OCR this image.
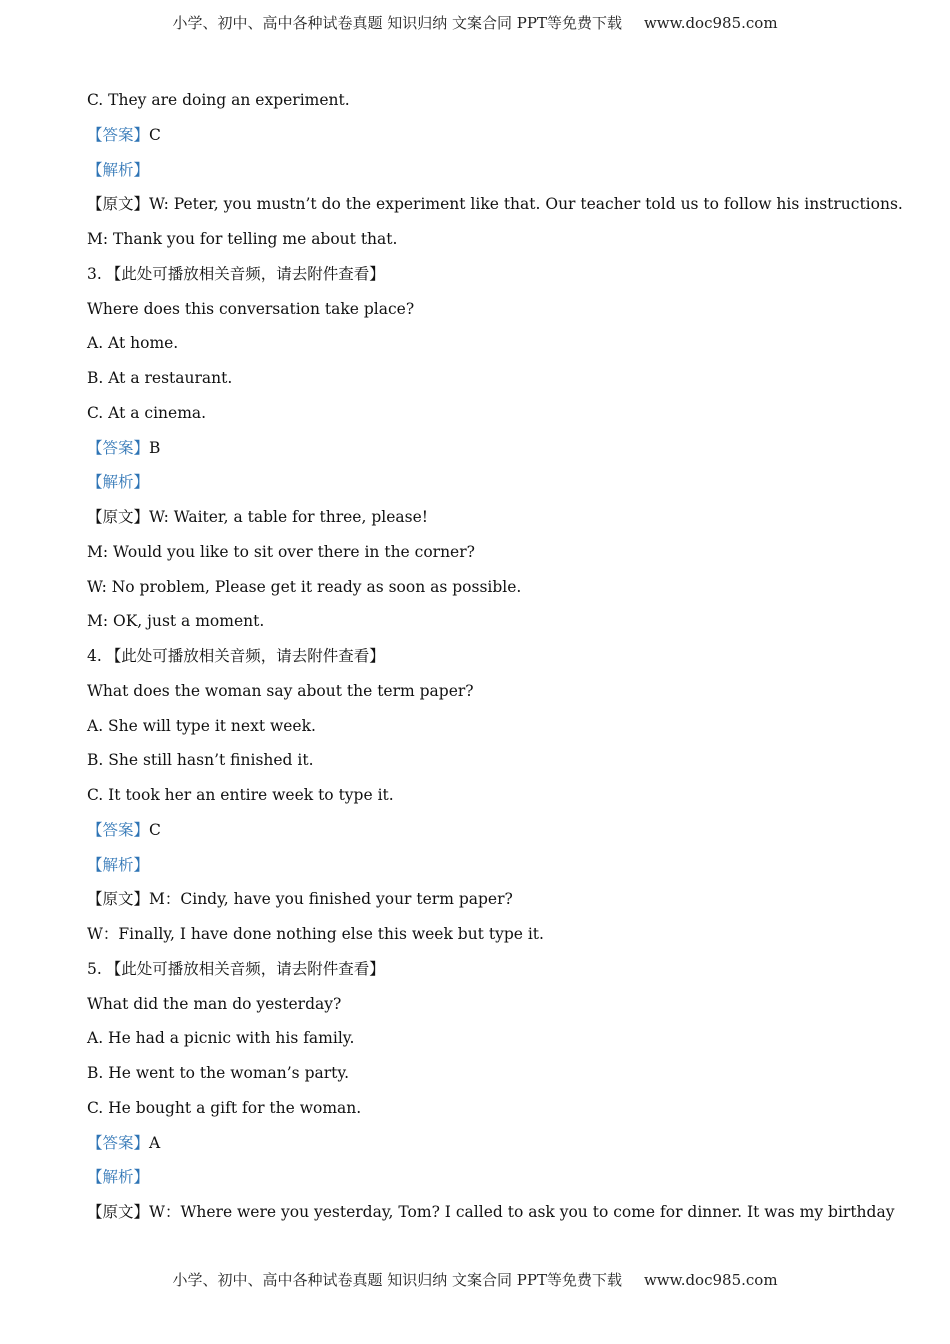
小学、初中、高中各种试卷真题 知识归纳 文案合同 PPT等免费下载 www.doc985.com
C. They are doing an experiment.
【答案】C
【解析】
【原文】W: Peter, you mustn’t do the experiment like that. Our teacher told us to follow his instructions.
M: Thank you for telling me about that.
3. 【此处可播放相关音频，请去附件查看】
Where does this conversation take place?
A. At home.
B. At a restaurant.
C. At a cinema.
【答案】B
【解析】
【原文】W: Waiter, a table for three, please!
M: Would you like to sit over there in the corner?
W: No problem, Please get it ready as soon as possible.
M: OK, just a moment.
4. 【此处可播放相关音频，请去附件查看】
What does the woman say about the term paper?
A. She will type it next week.
B. She still hasn’t finished it.
C. It took her an entire week to type it.
【答案】C
【解析】
【原文】M：Cindy, have you finished your term paper?
W：Finally, I have done nothing else this week but type it.
5. 【此处可播放相关音频，请去附件查看】
What did the man do yesterday?
A. He had a picnic with his family.
B. He went to the woman’s party.
C. He bought a gift for the woman.
【答案】A
【解析】
【原文】W：Where were you yesterday, Tom? I called to ask you to come for dinner. It was my birthday
小学、初中、高中各种试卷真题 知识归纳 文案合同 PPT等免费下载 www.doc985.com
